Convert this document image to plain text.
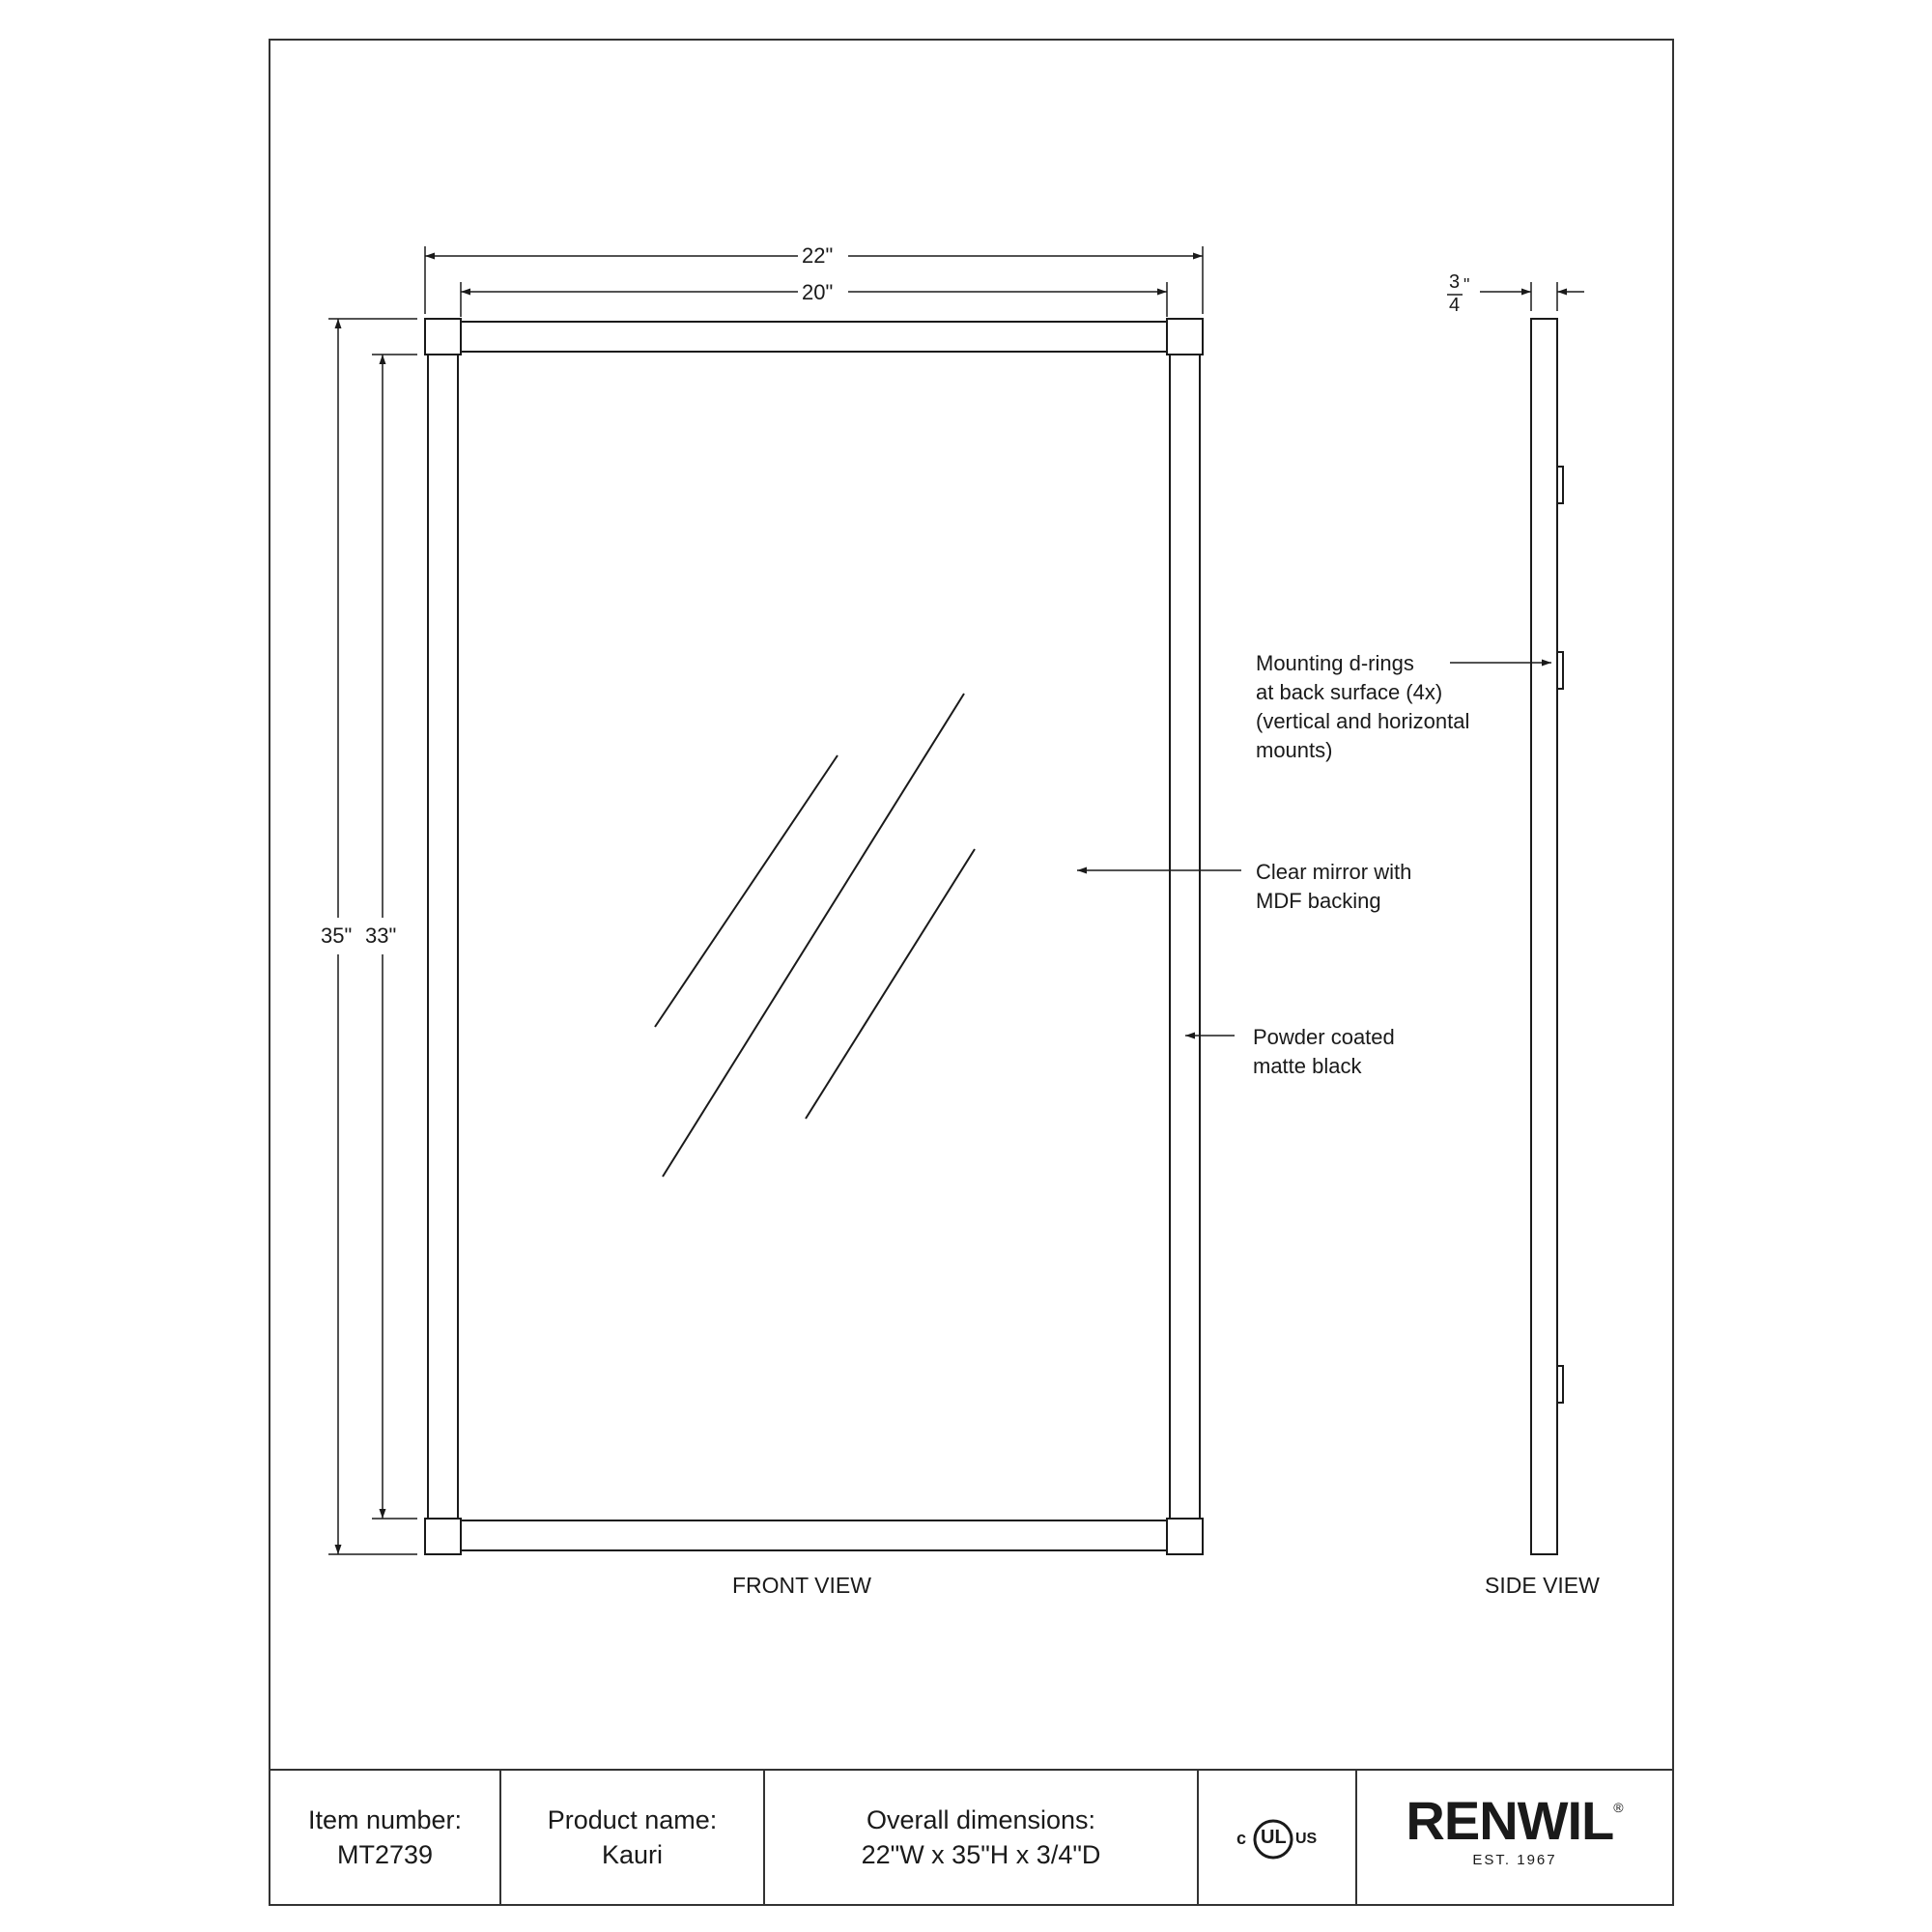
22"
20"
35" 33"
3
4
"
Mounting d-rings
at back surface (4x)
(vertical and horizontal
mounts)
Clear mirror with
MDF backing
Powder coated
matte black
FRONT VIEW	SIDE VIEW
Item number:
MT2739
Product name:
Kauri
Overall dimensions:
22"W x 35"H x 3/4"D
c UL US	RENWIL®
EST. 1967
